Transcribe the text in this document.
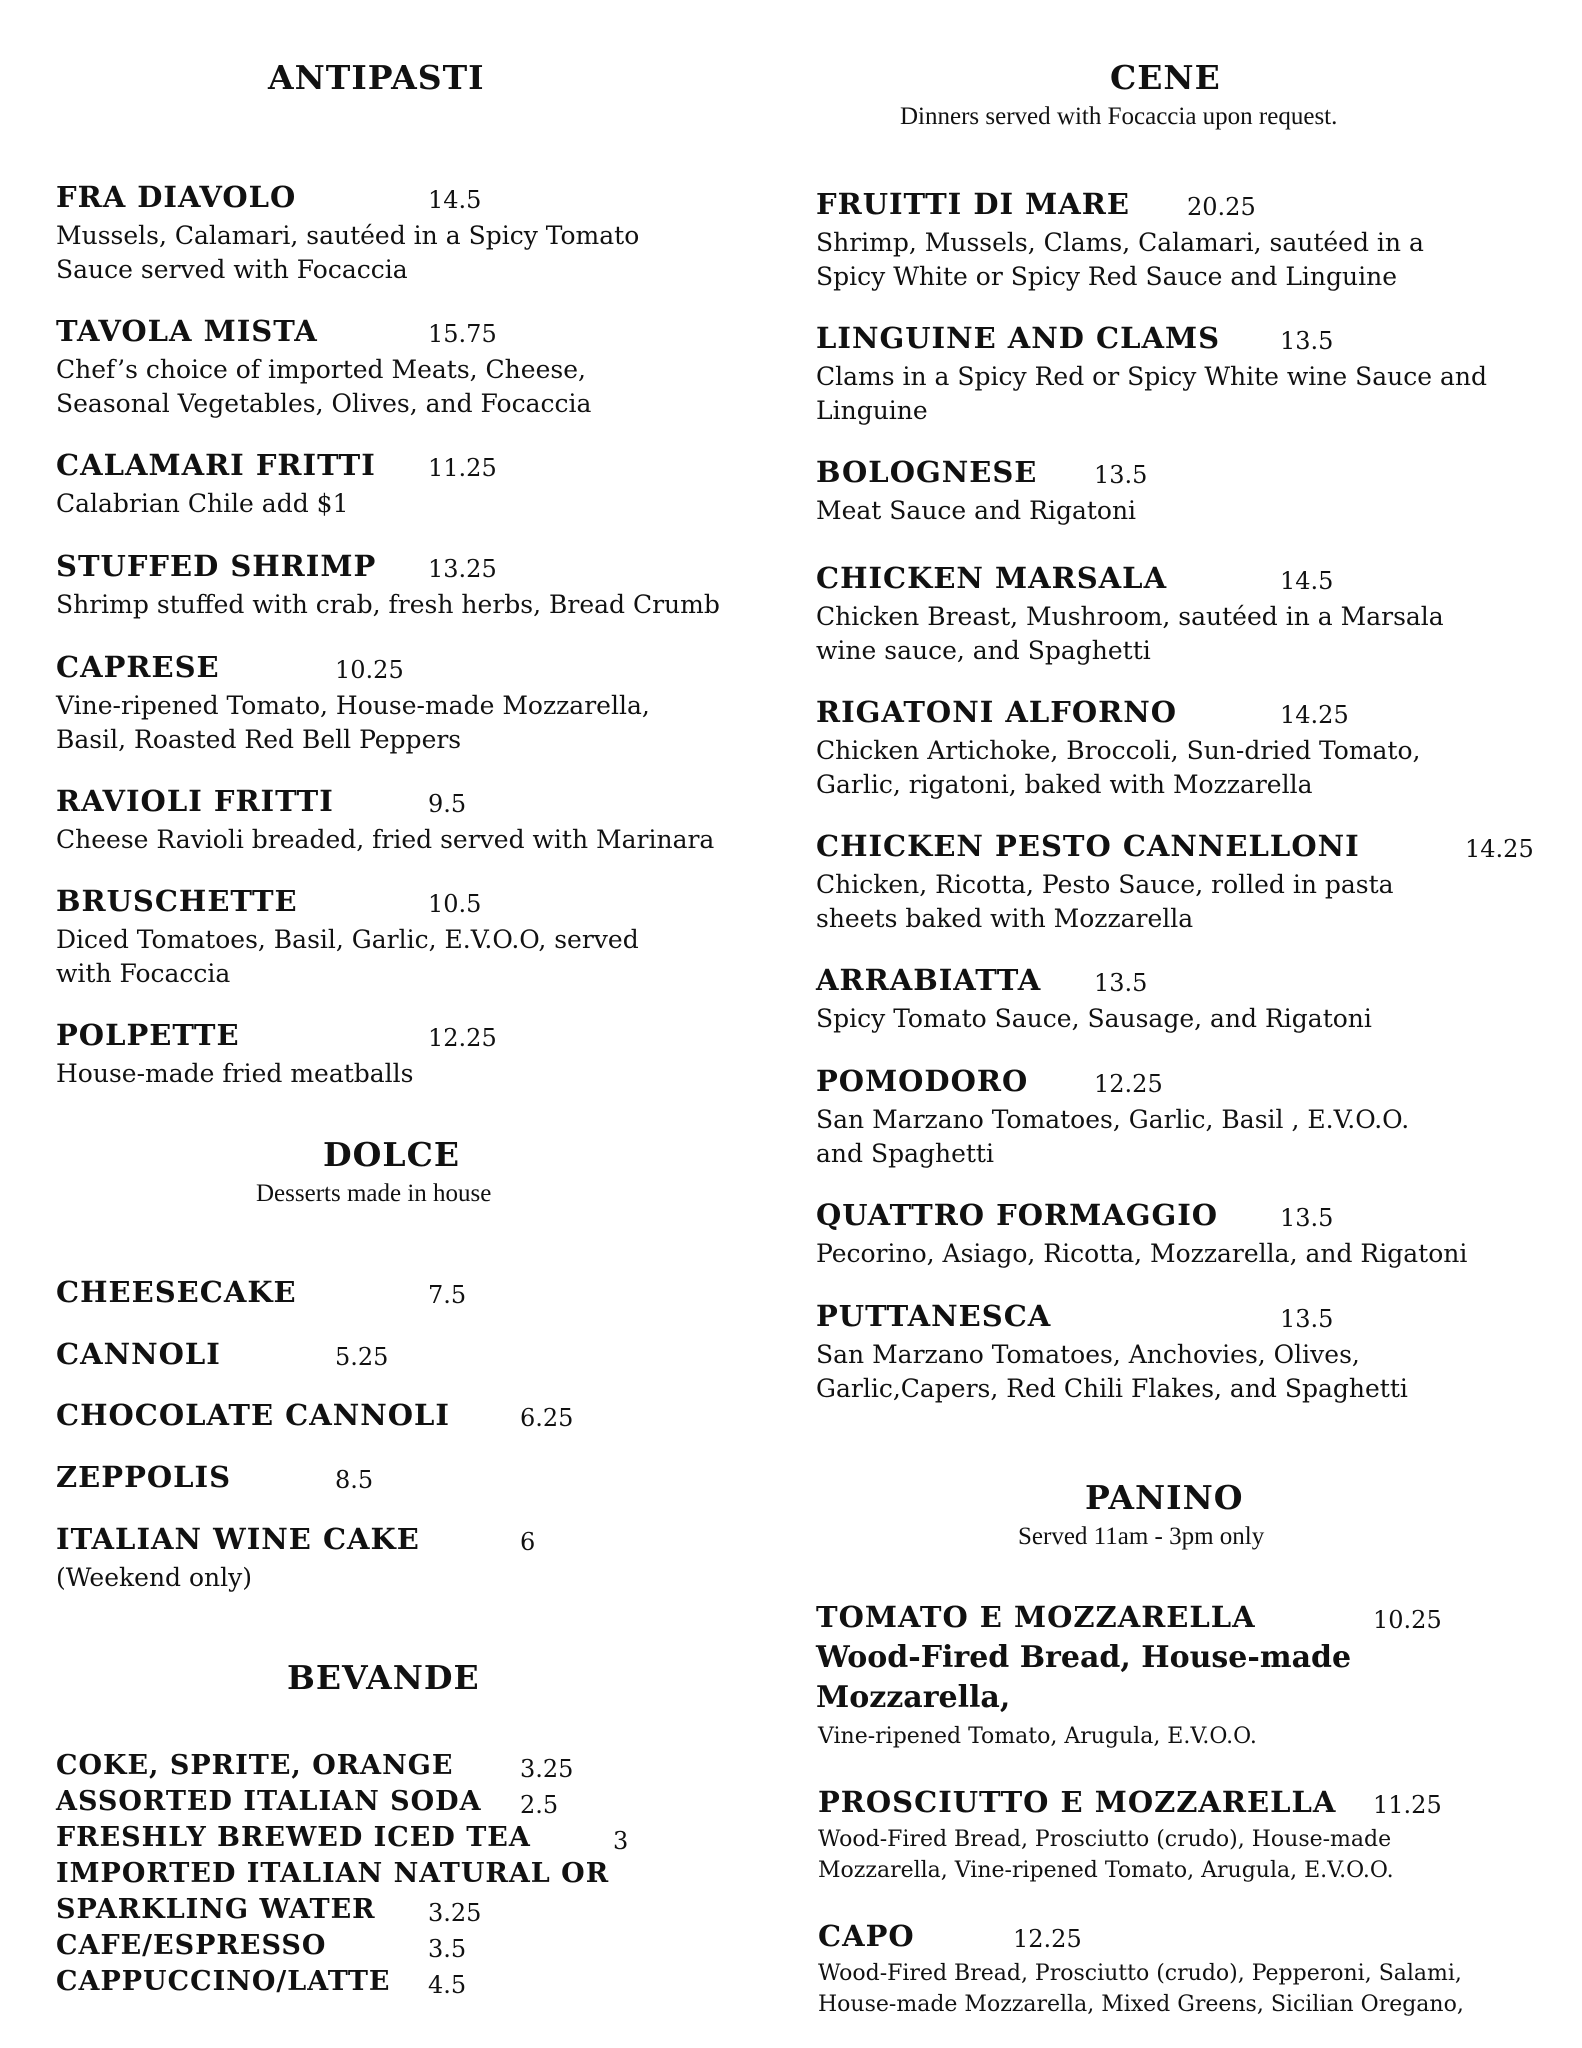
ANTIPASTI
FRA DIAVOLO	14.5
Mussels, Calamari, sautéed in a Spicy Tomato
Sauce served with Focaccia
TAVOLA MISTA	15.75
Chef’s choice of imported Meats, Cheese,
Seasonal Vegetables, Olives, and Focaccia
CALAMARI FRITTI 11.25
Calabrian Chile add $1
STUFFED SHRIMP 13.25
Shrimp stuffed with crab, fresh herbs, Bread Crumb
CAPRESE	10.25
Vine-ripened Tomato, House-made Mozzarella,
Basil, Roasted Red Bell Peppers
RAVIOLI FRITTI	9.5
Cheese Ravioli breaded, fried served with Marinara
BRUSCHETTE	10.5
Diced Tomatoes, Basil, Garlic, E.V.O.O, served
with Focaccia
POLPETTE	12.25
House-made fried meatballs
DOLCE
Desserts made in house
CHEESECAKE	7.5
CANNOLI	5.25
CHOCOLATE CANNOLI	6.25
ZEPPOLIS	8.5
ITALIAN WINE CAKE	6
(Weekend only)
BEVANDE
COKE, SPRITE, ORANGE	3.25
ASSORTED ITALIAN SODA 2.5
FRESHLY BREWED ICED TEA	3
IMPORTED ITALIAN NATURAL OR
SPARKLING WATER 3.25
CAFE/ESPRESSO	3.5
CAPPUCCINO/LATTE 4.5
CENE
Dinners served with Focaccia upon request.
FRUITTI DI MARE 20.25
Shrimp, Mussels, Clams, Calamari, sautéed in a
Spicy White or Spicy Red Sauce and Linguine
LINGUINE AND CLAMS 13.5
Clams in a Spicy Red or Spicy White wine Sauce and
Linguine
BOLOGNESE 13.5
Meat Sauce and Rigatoni
CHICKEN MARSALA	14.5
Chicken Breast, Mushroom, sautéed in a Marsala
wine sauce, and Spaghetti
RIGATONI ALFORNO	14.25
Chicken Artichoke, Broccoli, Sun-dried Tomato,
Garlic, rigatoni, baked with Mozzarella
CHICKEN PESTO CANNELLONI	14.25
Chicken, Ricotta, Pesto Sauce, rolled in pasta
sheets baked with Mozzarella
ARRABIATTA 13.5
Spicy Tomato Sauce, Sausage, and Rigatoni
POMODORO	12.25
San Marzano Tomatoes, Garlic, Basil , E.V.O.O.
and Spaghetti
QUATTRO FORMAGGIO	13.5
Pecorino, Asiago, Ricotta, Mozzarella, and Rigatoni
PUTTANESCA	13.5
San Marzano Tomatoes, Anchovies, Olives,
Garlic,Capers, Red Chili Flakes, and Spaghetti
PANINO
Served 11am - 3pm only
TOMATO E MOZZARELLA	10.25
Wood-Fired Bread, House-made
Mozzarella,
Vine-ripened Tomato, Arugula, E.V.O.O.
PROSCIUTTO E MOZZARELLA 11.25
Wood-Fired Bread, Prosciutto (crudo), House-made
Mozzarella, Vine-ripened Tomato, Arugula, E.V.O.O.
CAPO	12.25
Wood-Fired Bread, Prosciutto (crudo), Pepperoni, Salami,
House-made Mozzarella, Mixed Greens, Sicilian Oregano,
